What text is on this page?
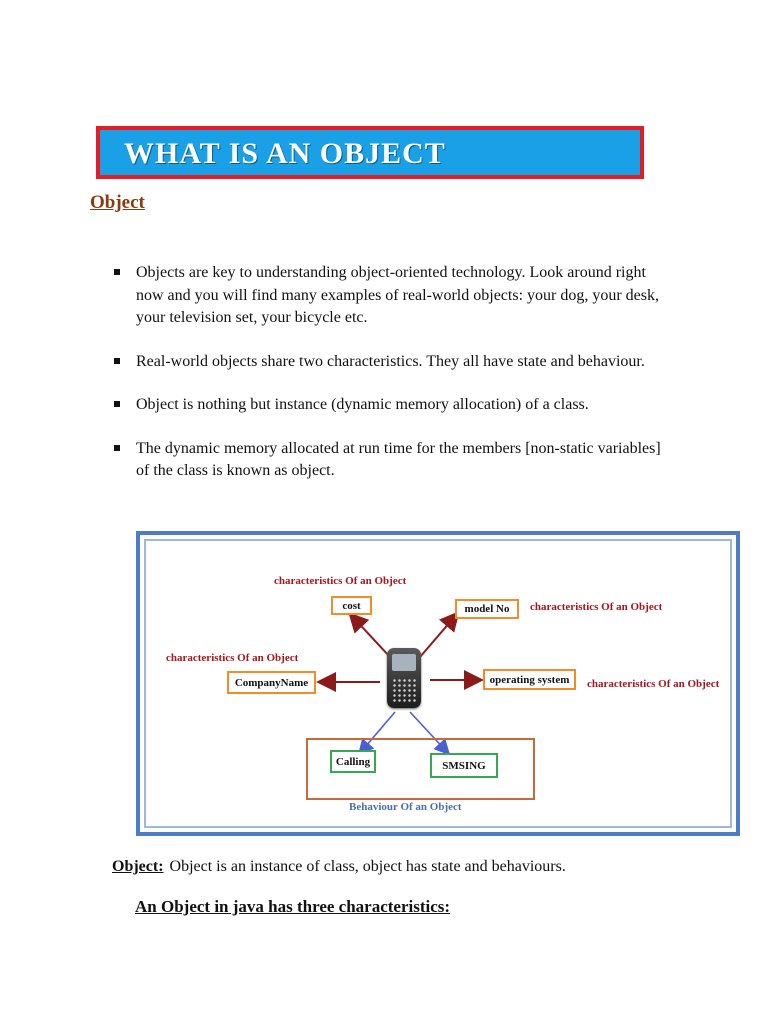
WHAT IS AN OBJECT
Object
Objects are key to understanding object-oriented technology. Look around right now and you will find many examples of real-world objects: your dog, your desk, your television set, your bicycle etc.
Real-world objects share two characteristics. They all have state and behaviour.
Object is nothing but instance (dynamic memory allocation) of a class.
The dynamic memory allocated at run time for the members [non-static variables] of the class is known as object.
characteristics Of an Object
characteristics Of an Object
characteristics Of an Object
characteristics Of an Object
cost	model No
CompanyName	operating system
Calling	SMSING
Behaviour Of an Object
Object: Object is an instance of class, object has state and behaviours.
An Object in java has three characteristics:
